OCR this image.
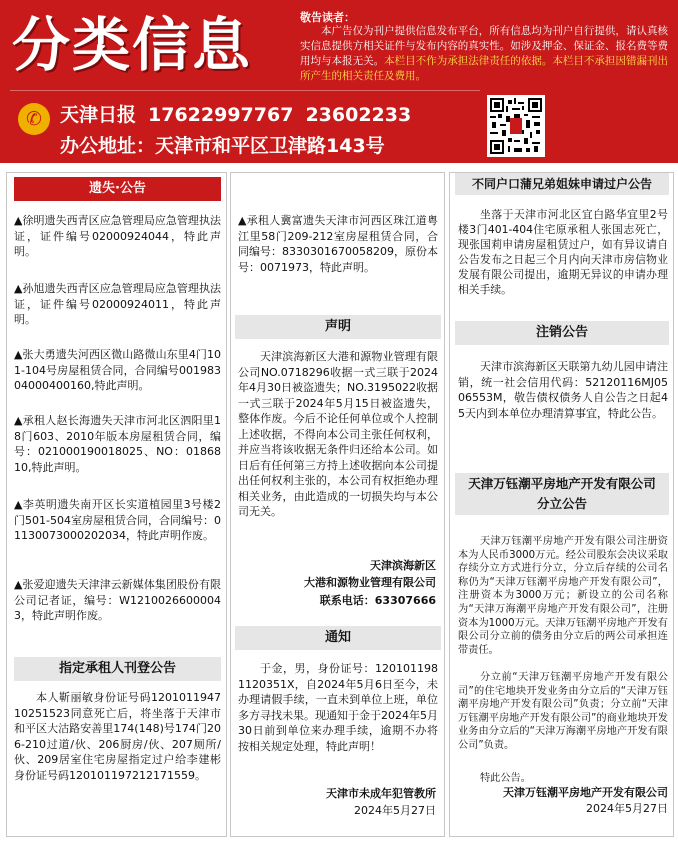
分类信息	敬告读者：
本广告仅为刊户提供信息发布平台，所有信息均为刊户自行提供，请认真核实信息提供方相关证件与发布内容的真实性。如涉及押金、保证金、报名费等费用均与本报无关。本栏目不作为承担法律责任的依据。本栏目不承担因错漏刊出所产生的相关责任及费用。
✆ 天津日报 17622997767 23602233
办公地址：天津市和平区卫津路143号
遗失·公告
▲徐明遗失西青区应急管理局应急管理执法证，证件编号02000924044，特此声明。
▲孙旭遗失西青区应急管理局应急管理执法证，证件编号02000924011，特此声明。
▲张大勇遗失河西区微山路微山东里4门101-104号房屋租赁合同，合同编号00198304000400160,特此声明。
▲承租人赵长海遗失天津市河北区泗阳里18门603、2010年版本房屋租赁合同，编号：021000190018025、NO：0186810,特此声明。
▲李英明遗失南开区长实道植园里3号楼2门501-504室房屋租赁合同，合同编号：01130073000202034，特此声明作废。
▲张爱迎遗失天津津云新媒体集团股份有限公司记者证，编号：W12100266000043，特此声明作废。
指定承租人刊登公告
本人靳丽敏身份证号码120101194710251523同意死亡后，将坐落于天津市和平区大沽路安善里174(148)号174门206-210过道/伙、206厨房/伙、207厕所/伙、209居室住宅房屋指定过户给李建彬身份证号码120101197212171559。
▲承租人冀富遗失天津市河西区珠江道粤江里58门209-212室房屋租赁合同，合同编号：8330301670058209，原份本号：0071973，特此声明。
声明
天津滨海新区大港和源物业管理有限公司NO.0718296收据一式三联于2024年4月30日被盗遗失；NO.3195022收据一式三联于2024年5月15日被盗遗失，整体作废。今后不论任何单位或个人控制上述收据，不得向本公司主张任何权利，并应当将该收据无条件归还给本公司。如日后有任何第三方持上述收据向本公司提出任何权利主张的，本公司有权拒绝办理相关业务，由此造成的一切损失均与本公司无关。
天津滨海新区
大港和源物业管理有限公司
联系电话：63307666
通知
于金，男，身份证号：120101198112035​1X，自2024年5月6日至今，未办理请假手续，一直未到单位上班，单位多方寻找未果。现通知于金于2024年5月30日前到单位来办理手续，逾期不办将按相关规定处理，特此声明！
天津市未成年犯管教所
2024年5月27日
不同户口蒲兄弟姐妹申请过户公告
坐落于天津市河北区宜白路华宜里2号楼3门401-404住宅原承租人张国志死亡，现张国莉申请房屋租赁过户，如有异议请自公告发布之日起三个月内向天津市房信物业发展有限公司提出，逾期无异议的申请办理相关手续。
注销公告
天津市滨海新区天联第九幼儿园申请注销，统一社会信用代码：52120116MJ0506553M，敬告债权债务人自公告之日起45天内到本单位办理清算事宜，特此公告。
天津万钰潮平房地产开发有限公司
分立公告
天津万钰潮平房地产开发有限公司注册资本为人民币3000万元。经公司股东会决议采取存续分立方式进行分立，分立后存续的公司名称仍为“天津万钰潮平房地产开发有限公司”，注册资本为3000万元；新设立的公司名称为“天津万海潮平房地产开发有限公司”，注册资本为1000万元。天津万钰潮平房地产开发有限公司分立前的债务由分立后的两公司承担连带责任。
分立前“天津万钰潮平房地产开发有限公司”的住宅地块开发业务由分立后的“天津万钰潮平房地产开发有限公司”负责；分立前“天津万钰潮平房地产开发有限公司”的商业地块开发业务由分立后的“天津万海潮平房地产开发有限公司”负责。
特此公告。
天津万钰潮平房地产开发有限公司
2024年5月27日
